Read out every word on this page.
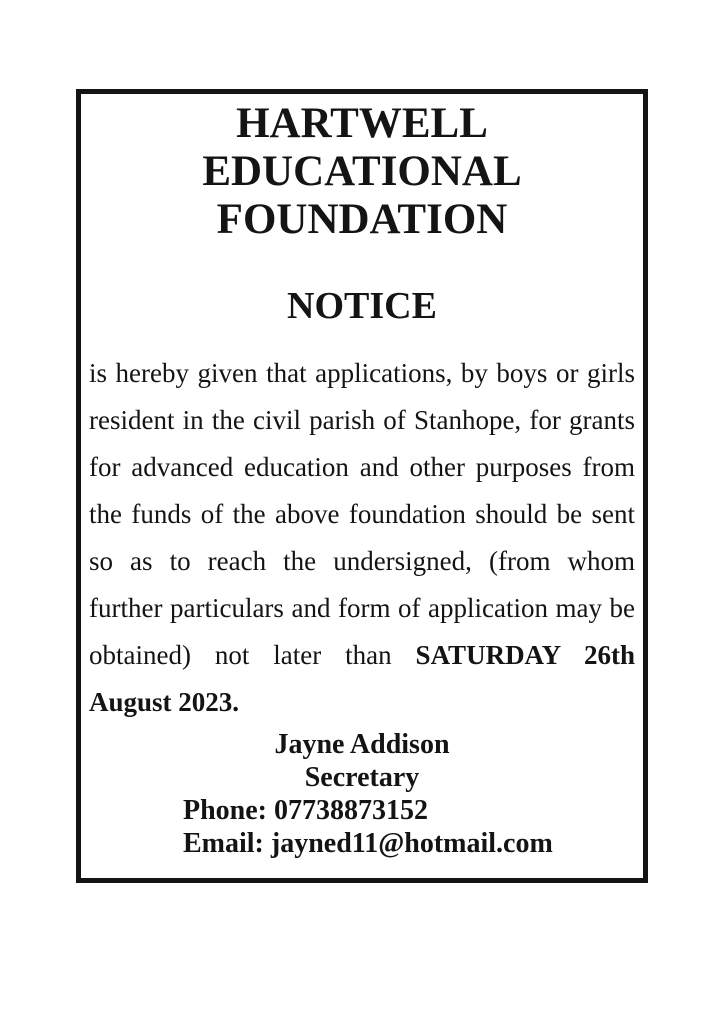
HARTWELL
EDUCATIONAL
FOUNDATION
NOTICE
is hereby given that applications, by boys or girls
resident in the civil parish of Stanhope, for grants
for advanced education and other purposes from
the funds of the above foundation should be sent
so as to reach the undersigned, (from whom
further particulars and form of application may be
obtained) not later than SATURDAY 26th
August 2023.
Jayne Addison
Secretary
Phone: 07738873152
Email: jayned11@hotmail.com
